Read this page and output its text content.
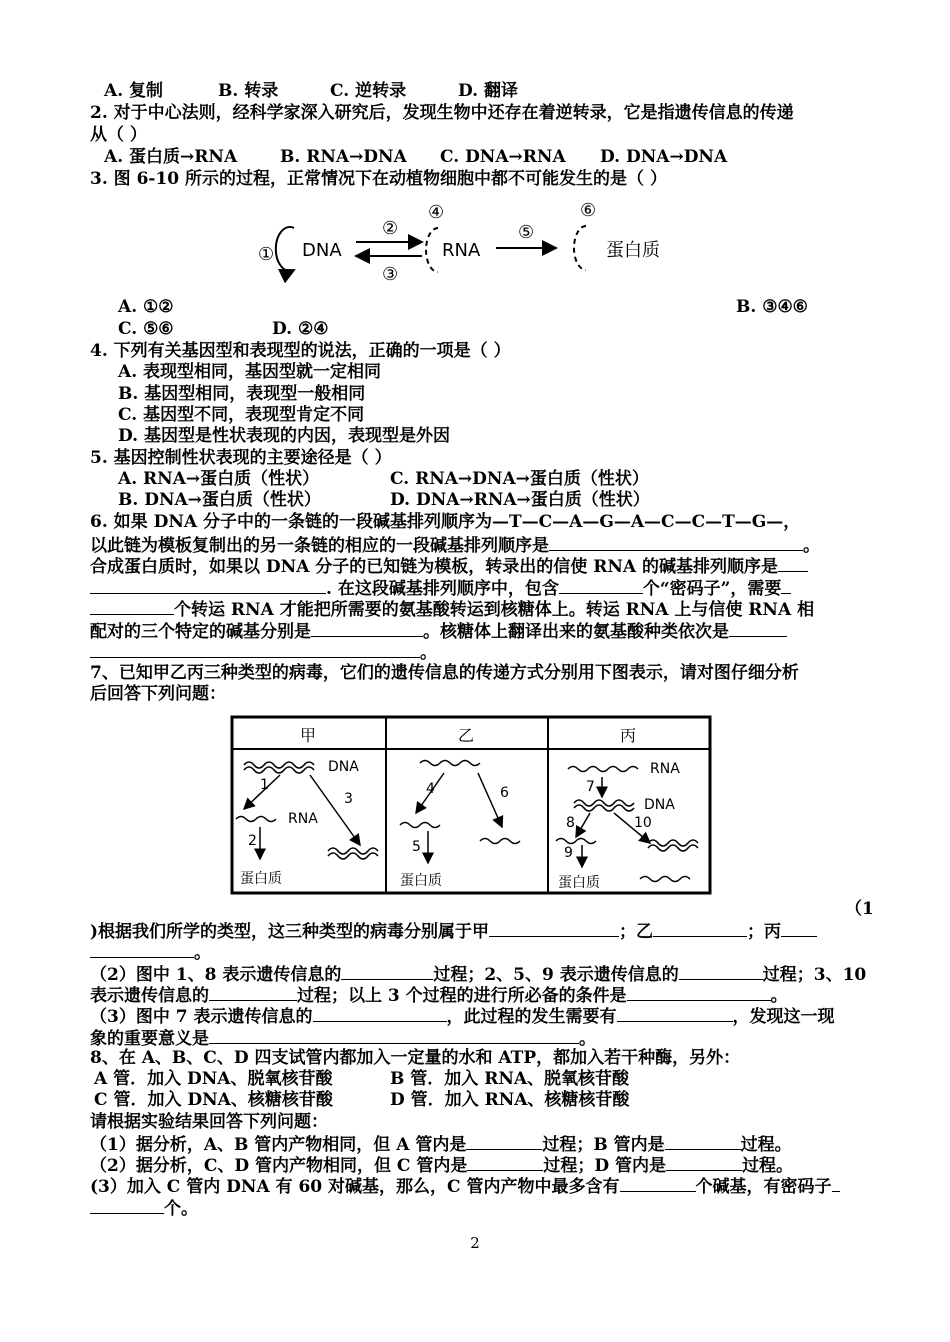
A. 复制	B. 转录	C. 逆转录	D. 翻译
2. 对于中心法则，经科学家深入研究后，发现生物中还存在着逆转录，它是指遗传信息的传递
从（ ）
A. 蛋白质→RNA	B. RNA→DNA C. DNA→RNA D. DNA→DNA
3. 图 6-10 所示的过程，正常情况下在动植物细胞中都不可能发生的是（ ）
① DNA
②
③
④
RNA
⑤
⑥
蛋白质
A. ①②	B. ③④⑥
C. ⑤⑥	D. ②④
4. 下列有关基因型和表现型的说法，正确的一项是（ ）
A. 表现型相同，基因型就一定相同
B. 基因型相同，表现型一般相同
C. 基因型不同，表现型肯定不同
D. 基因型是性状表现的内因，表现型是外因
5. 基因控制性状表现的主要途径是（ ）
A. RNA→蛋白质（性状）	C. RNA→DNA→蛋白质（性状）
B. DNA→蛋白质（性状）	D. DNA→RNA→蛋白质（性状）
6. 如果 DNA 分子中的一条链的一段碱基排列顺序为—T—C—A—G—A—C—C—T—G—，
以此链为模板复制出的另一条链的相应的一段碱基排列顺序是	。
合成蛋白质时，如果以 DNA 分子的已知链为模板，转录出的信使 RNA 的碱基排列顺序是
. 在这段碱基排列顺序中，包含	个“密码子”，需要
个转运 RNA 才能把所需要的氨基酸转运到核糖体上。转运 RNA 上与信使 RNA 相
配对的三个特定的碱基分别是	。核糖体上翻译出来的氨基酸种类依次是
。
7、已知甲乙丙三种类型的病毒，它们的遗传信息的传递方式分别用下图表示，请对图仔细分析
后回答下列问题：
甲	乙	丙
DNA
1
3
RNA
2
蛋白质
4	6
5
蛋白质
RNA
7
DNA
8	10
9
蛋白质
（1
)根据我们所学的类型，这三种类型的病毒分别属于甲	；乙	；丙
。
（2）图中 1、8 表示遗传信息的	过程；2、5、9 表示遗传信息的	过程；3、10
表示遗传信息的	过程；以上 3 个过程的进行所必备的条件是	。
（3）图中 7 表示遗传信息的	，此过程的发生需要有	，发现这一现
象的重要意义是	。
8、在 A、B、C、D 四支试管内都加入一定量的水和 ATP，都加入若干种酶，另外：
A 管．加入 DNA、脱氧核苷酸	B 管．加入 RNA、脱氧核苷酸
C 管．加入 DNA、核糖核苷酸	D 管．加入 RNA、核糖核苷酸
请根据实验结果回答下列问题：
（1）据分析，A、B 管内产物相同，但 A 管内是	过程；B 管内是	过程。
（2）据分析，C、D 管内产物相同，但 C 管内是	过程；D 管内是	过程。
(3）加入 C 管内 DNA 有 60 对碱基，那么，C 管内产物中最多含有	个碱基，有密码子
个。
2
